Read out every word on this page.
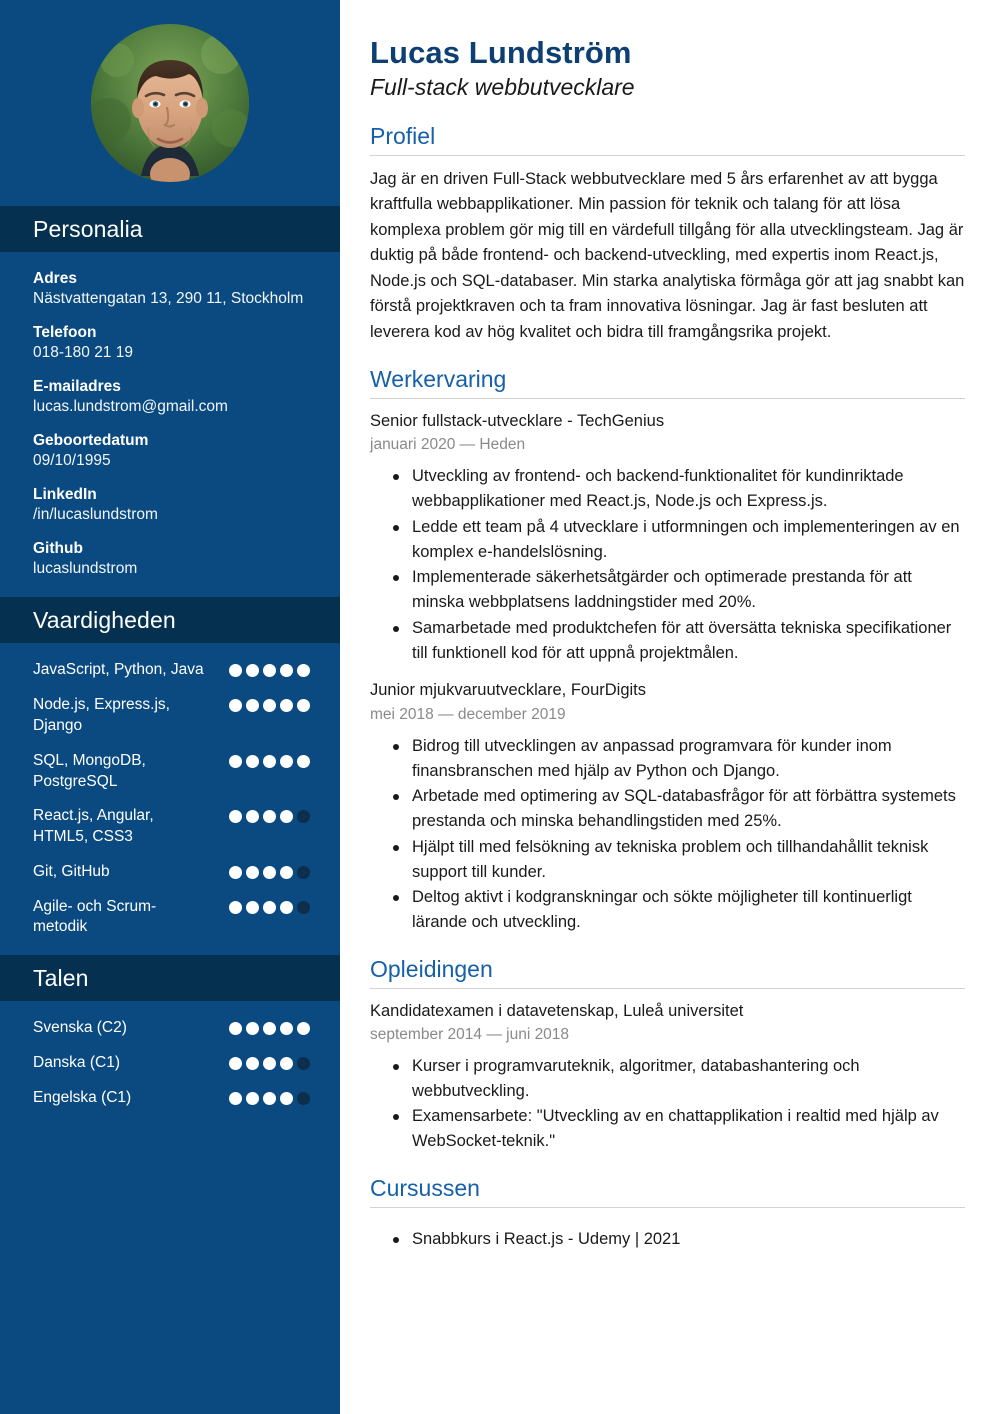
Personalia
Adres
Nästvattengatan 13, 290 11, Stockholm
Telefoon
018-180 21 19
E-mailadres
lucas.lundstrom@gmail.com
Geboortedatum
09/10/1995
LinkedIn
/in/lucaslundstrom
Github
lucaslundstrom
Vaardigheden
JavaScript, Python, Java
Node.js, Express.js, Django
SQL, MongoDB, PostgreSQL
React.js, Angular, HTML5, CSS3
Git, GitHub
Agile- och Scrum-metodik
Talen
Svenska (C2)
Danska (C1)
Engelska (C1)
Lucas Lundström
Full-stack webbutvecklare
Profiel

Jag är en driven Full-Stack webbutvecklare med 5 års erfarenhet av att bygga kraftfulla webbapplikationer. Min passion för teknik och talang för att lösa komplexa problem gör mig till en värdefull tillgång för alla utvecklingsteam. Jag är duktig på både frontend- och backend-utveckling, med expertis inom React.js, Node.js och SQL-databaser. Min starka analytiska förmåga gör att jag snabbt kan förstå projektkraven och ta fram innovativa lösningar. Jag är fast besluten att leverera kod av hög kvalitet och bidra till framgångsrika projekt.

Werkervaring
Senior fullstack-utvecklare - TechGenius
januari 2020 — Heden
Utveckling av frontend- och backend-funktionalitet för kundinriktade webbapplikationer med React.js, Node.js och Express.js.
Ledde ett team på 4 utvecklare i utformningen och implementeringen av en komplex e-handelslösning.
Implementerade säkerhetsåtgärder och optimerade prestanda för att minska webbplatsens laddningstider med 20%.
Samarbetade med produktchefen för att översätta tekniska specifikationer till funktionell kod för att uppnå projektmålen.
Junior mjukvaruutvecklare, FourDigits
mei 2018 — december 2019
Bidrog till utvecklingen av anpassad programvara för kunder inom finansbranschen med hjälp av Python och Django.
Arbetade med optimering av SQL-databasfrågor för att förbättra systemets prestanda och minska behandlingstiden med 25%.
Hjälpt till med felsökning av tekniska problem och tillhandahållit teknisk support till kunder.
Deltog aktivt i kodgranskningar och sökte möjligheter till kontinuerligt lärande och utveckling.
Opleidingen
Kandidatexamen i datavetenskap, Luleå universitet
september 2014 — juni 2018
Kurser i programvaruteknik, algoritmer, databashantering och webbutveckling.
Examensarbete: "Utveckling av en chattapplikation i realtid med hjälp av WebSocket-teknik."
Cursussen
Snabbkurs i React.js - Udemy | 2021
